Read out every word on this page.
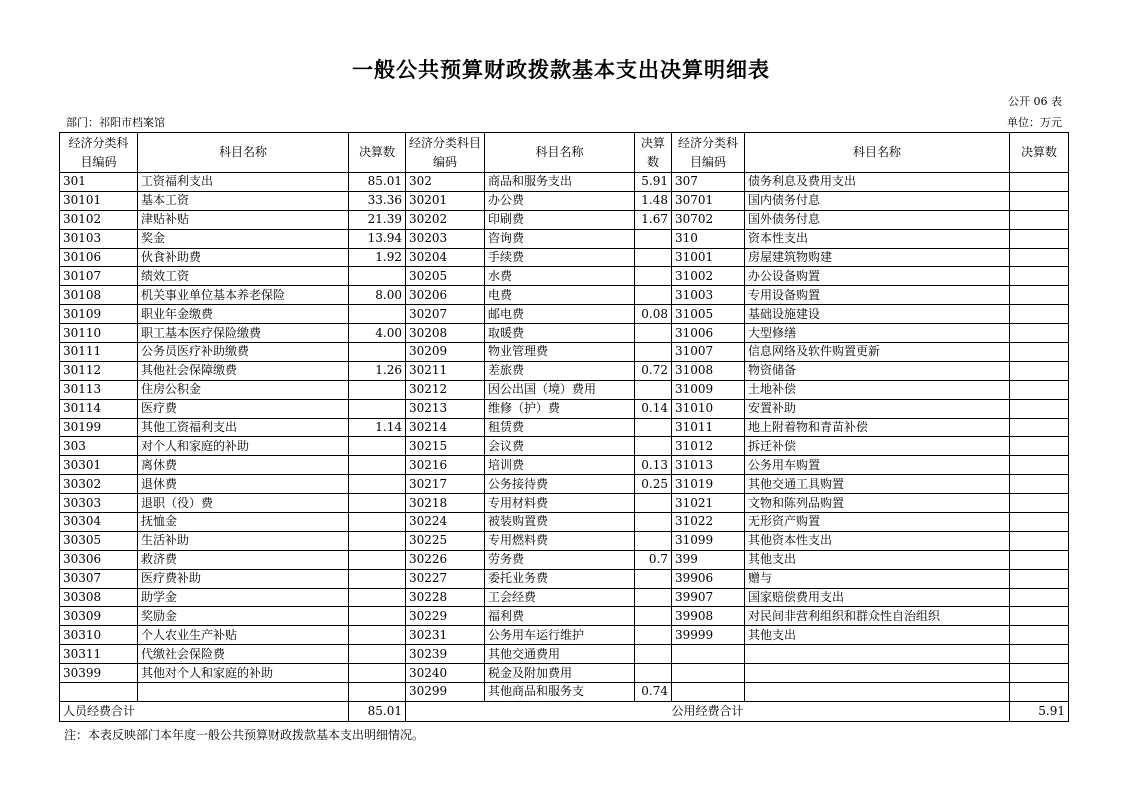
一般公共预算财政拨款基本支出决算明细表
公开 06 表
部门：祁阳市档案馆	单位：万元
经济分类科目编码	科目名称	决算数	经济分类科目编码	科目名称	决算数	经济分类科目编码	科目名称	决算数
301	工资福利支出	85.01	302	商品和服务支出	5.91	307	债务利息及费用支出	
30101	基本工资	33.36	30201	办公费	1.48	30701	国内债务付息	
30102	津贴补贴	21.39	30202	印刷费	1.67	30702	国外债务付息	
30103	奖金	13.94	30203	咨询费		310	资本性支出	
30106	伙食补助费	1.92	30204	手续费		31001	房屋建筑物购建	
30107	绩效工资		30205	水费		31002	办公设备购置	
30108	机关事业单位基本养老保险	8.00	30206	电费		31003	专用设备购置	
30109	职业年金缴费		30207	邮电费	0.08	31005	基础设施建设	
30110	职工基本医疗保险缴费	4.00	30208	取暖费		31006	大型修缮	
30111	公务员医疗补助缴费		30209	物业管理费		31007	信息网络及软件购置更新	
30112	其他社会保障缴费	1.26	30211	差旅费	0.72	31008	物资储备	
30113	住房公积金		30212	因公出国（境）费用		31009	土地补偿	
30114	医疗费		30213	维修（护）费	0.14	31010	安置补助	
30199	其他工资福利支出	1.14	30214	租赁费		31011	地上附着物和青苗补偿	
303	对个人和家庭的补助		30215	会议费		31012	拆迁补偿	
30301	离休费		30216	培训费	0.13	31013	公务用车购置	
30302	退休费		30217	公务接待费	0.25	31019	其他交通工具购置	
30303	退职（役）费		30218	专用材料费		31021	文物和陈列品购置	
30304	抚恤金		30224	被装购置费		31022	无形资产购置	
30305	生活补助		30225	专用燃料费		31099	其他资本性支出	
30306	救济费		30226	劳务费	0.7	399	其他支出	
30307	医疗费补助		30227	委托业务费		39906	赠与	
30308	助学金		30228	工会经费		39907	国家赔偿费用支出	
30309	奖励金		30229	福利费		39908	对民间非营利组织和群众性自治组织	
30310	个人农业生产补贴		30231	公务用车运行维护		39999	其他支出	
30311	代缴社会保险费		30239	其他交通费用				
30399	其他对个人和家庭的补助		30240	税金及附加费用				
			30299	其他商品和服务支	0.74			
人员经费合计		85.01	公用经费合计					5.91
注：本表反映部门本年度一般公共预算财政拨款基本支出明细情况。
